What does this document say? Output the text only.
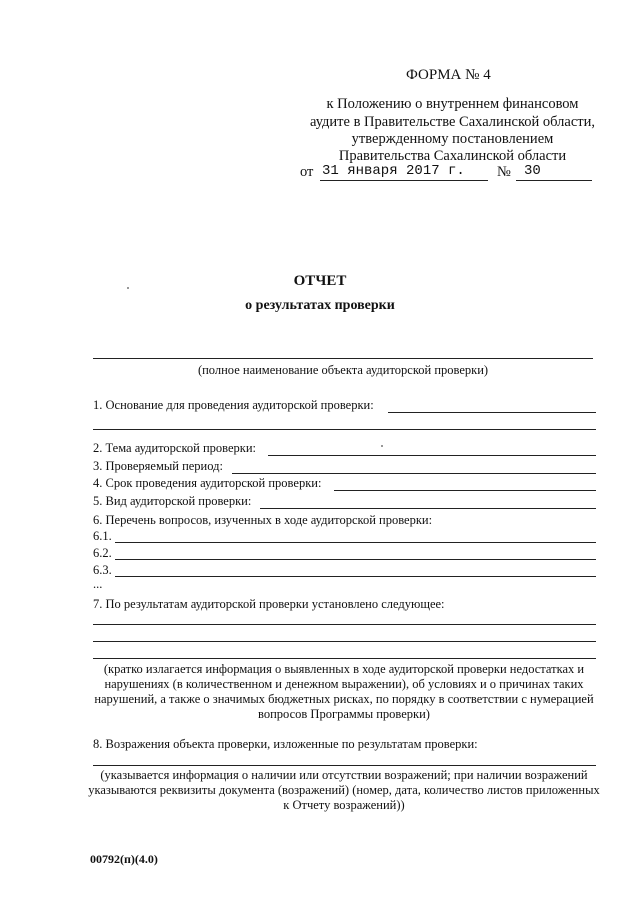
ФОРМА № 4
к Положению о внутреннем финансовом
аудите в Правительстве Сахалинской области,
утвержденному постановлением
Правительства Сахалинской области
от 31 января 2017 г. № 30
ОТЧЕТ
о результатах проверки
(полное наименование объекта аудиторской проверки)
1. Основание для проведения аудиторской проверки:
2. Тема аудиторской проверки:
3. Проверяемый период:
4. Срок проведения аудиторской проверки:
5. Вид аудиторской проверки:
6. Перечень вопросов, изученных в ходе аудиторской проверки:
6.1.
6.2.
6.3.
...
7. По результатам аудиторской проверки установлено следующее:
(кратко излагается информация о выявленных в ходе аудиторской проверки недостатках и нарушениях (в количественном и денежном выражении), об условиях и о причинах таких нарушений, а также о значимых бюджетных рисках, по порядку в соответствии с нумерацией вопросов Программы проверки)
8. Возражения объекта проверки, изложенные по результатам проверки:
(указывается информация о наличии или отсутствии возражений; при наличии возражений указываются реквизиты документа (возражений) (номер, дата, количество листов приложенных к Отчету возражений))
00792(п)(4.0)
